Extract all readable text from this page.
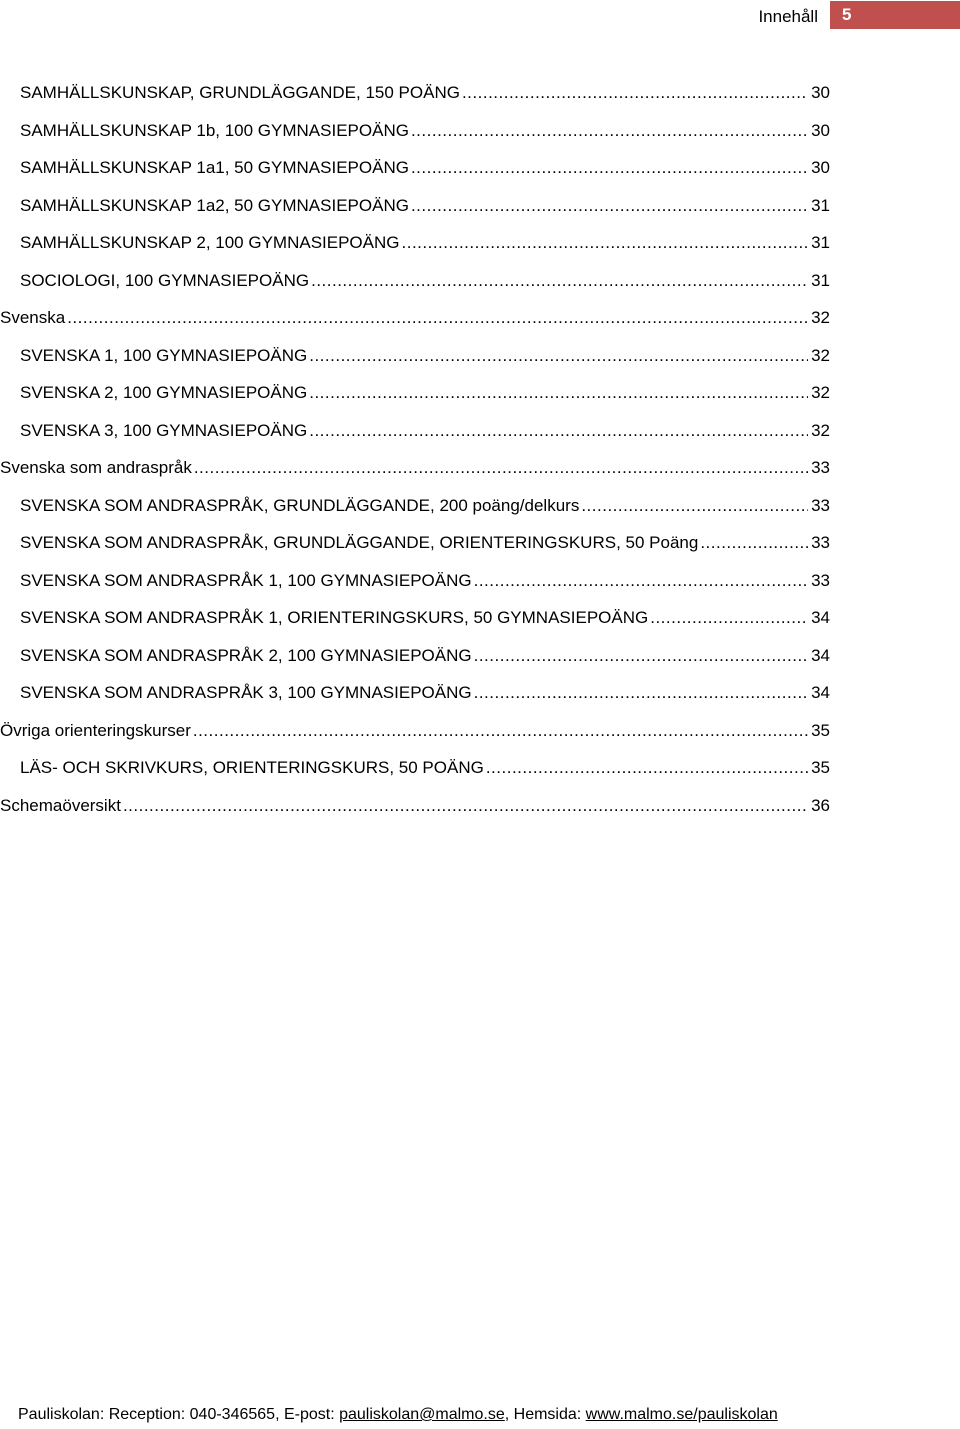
Innehåll	5
SAMHÄLLSKUNSKAP, GRUNDLÄGGANDE, 150 POÄNG .....	30
SAMHÄLLSKUNSKAP 1b, 100 GYMNASIEPOÄNG .....	30
SAMHÄLLSKUNSKAP 1a1, 50 GYMNASIEPOÄNG .....	30
SAMHÄLLSKUNSKAP 1a2, 50 GYMNASIEPOÄNG .....	31
SAMHÄLLSKUNSKAP 2, 100 GYMNASIEPOÄNG .....	31
SOCIOLOGI, 100 GYMNASIEPOÄNG .....	31
Svenska .....	32
SVENSKA 1, 100 GYMNASIEPOÄNG .....	32
SVENSKA 2, 100 GYMNASIEPOÄNG .....	32
SVENSKA 3, 100 GYMNASIEPOÄNG .....	32
Svenska som andraspråk .....	33
SVENSKA SOM ANDRASPRÅK, GRUNDLÄGGANDE, 200 poäng/delkurs .....	33
SVENSKA SOM ANDRASPRÅK, GRUNDLÄGGANDE, ORIENTERINGSKURS, 50 Poäng .....	33
SVENSKA SOM ANDRASPRÅK 1, 100 GYMNASIEPOÄNG .....	33
SVENSKA SOM ANDRASPRÅK 1, ORIENTERINGSKURS, 50 GYMNASIEPOÄNG .....	34
SVENSKA SOM ANDRASPRÅK 2, 100 GYMNASIEPOÄNG .....	34
SVENSKA SOM ANDRASPRÅK 3, 100 GYMNASIEPOÄNG .....	34
Övriga orienteringskurser .....	35
LÄS- OCH SKRIVKURS, ORIENTERINGSKURS, 50 POÄNG .....	35
Schemaöversikt .....	36
Pauliskolan: Reception: 040-346565, E-post: pauliskolan@malmo.se, Hemsida: www.malmo.se/pauliskolan
